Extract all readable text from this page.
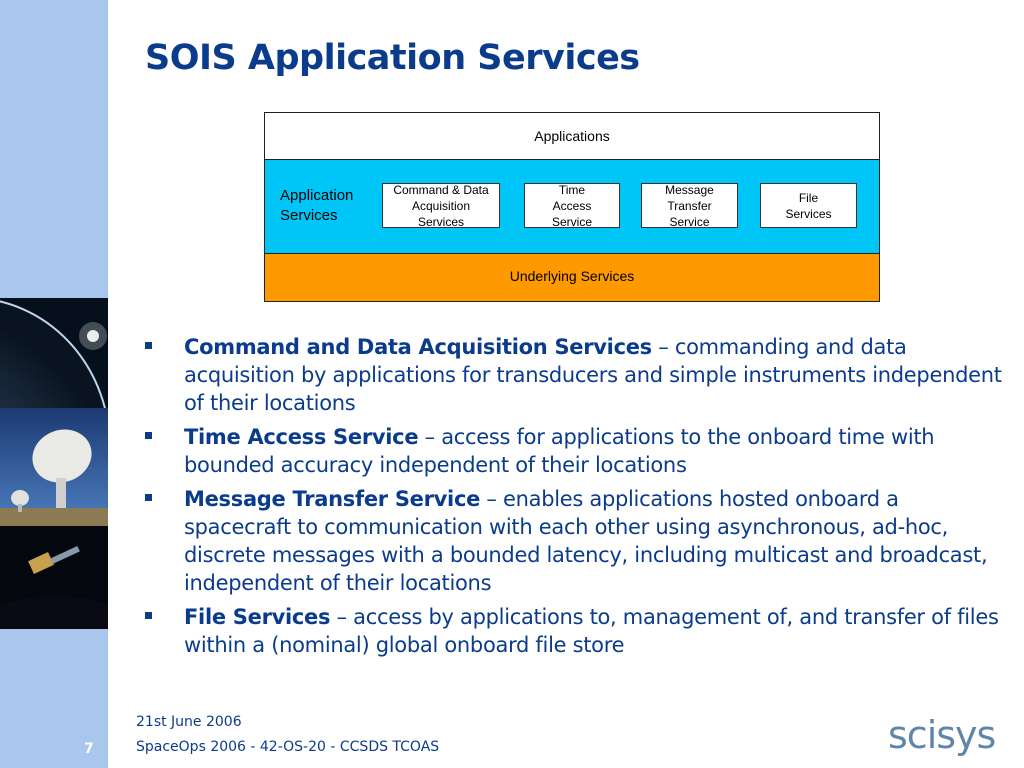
7
SOIS Application Services
Applications
Application
Services
Command & Data
Acquisition
Services
Time
Access
Service
Message
Transfer
Service
File
Services
Underlying Services
Command and Data Acquisition Services – commanding and data acquisition by applications for transducers and simple instruments independent of their locations
Time Access Service – access for applications to the onboard time with bounded accuracy independent of their locations
Message Transfer Service – enables applications hosted onboard a spacecraft to communication with each other using asynchronous, ad-hoc, discrete messages with a bounded latency, including multicast and broadcast, independent of their locations
File Services – access by applications to, management of, and transfer of files within a (nominal) global onboard file store
21st June 2006
SpaceOps 2006 - 42-OS-20 - CCSDS TCOAS	scisys
